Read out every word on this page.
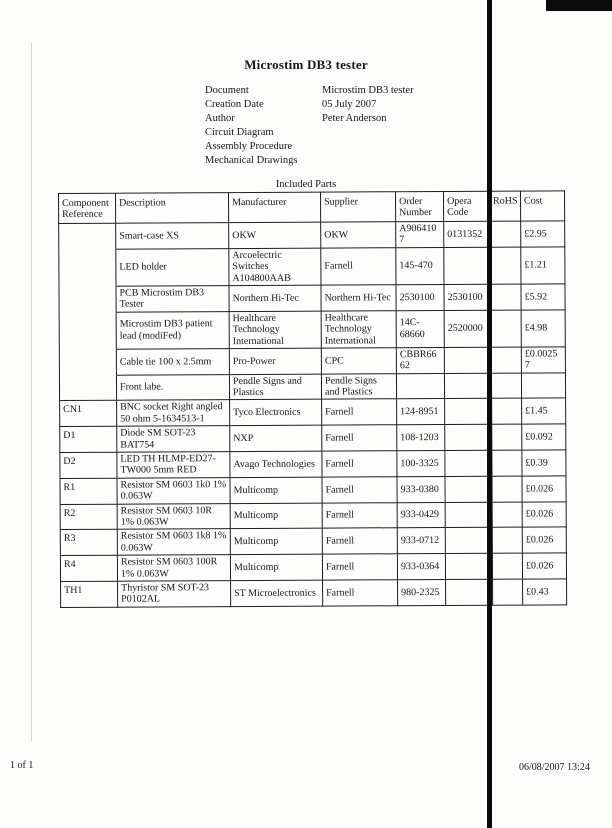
Microstim DB3 tester
Document	Microstim DB3 tester
Creation Date	05 July 2007
Author	Peter Anderson
Circuit Diagram
Assembly Procedure
Mechanical Drawings
Included Parts
Component Reference	Description	Manufacturer	Supplier	Order Number	Opera Code	RoHS	Cost
	Smart-case XS	OKW	OKW	A9064107	0131352		£2.95
	LED holder	Arcoelectric Switches A104800AAB	Farnell	145-470			£1.21
	PCB Microstim DB3 Tester	Northern Hi-Tec	Northern Hi-Tec	2530100	2530100		£5.92
	Microstim DB3 patient lead (modiFed)	Healthcare Technology International	Healthcare Technology International	14C-68660	2520000		£4.98
	Cable tie 100 x 2.5mm	Pro-Power	CPC	CBBR6662			£0.00257
	Front labe.	Pendle Signs and Plastics	Pendle Signs and Plastics				
CN1	BNC socket Right angled 50 ohm 5-1634513-1	Tyco Electronics	Farnell	124-8951			£1.45
D1	Diode SM SOT-23 BAT754	NXP	Farnell	108-1203			£0.092
D2	LED TH HLMP-ED27-TW000 5mm RED	Avago Technologies	Farnell	100-3325			£0.39
R1	Resistor SM 0603 1k0 1% 0.063W	Multicomp	Farnell	933-0380			£0.026
R2	Resistor SM 0603 10R 1% 0.063W	Multicomp	Farnell	933-0429			£0.026
R3	Resistor SM 0603 1k8 1% 0.063W	Multicomp	Farnell	933-0712			£0.026
R4	Resistor SM 0603 100R 1% 0.063W	Multicomp	Farnell	933-0364			£0.026
TH1	Thyristor SM SOT-23 P0102AL	ST Microelectronics	Farnell	980-2325			£0.43
1 of 1	06/08/2007 13:24
